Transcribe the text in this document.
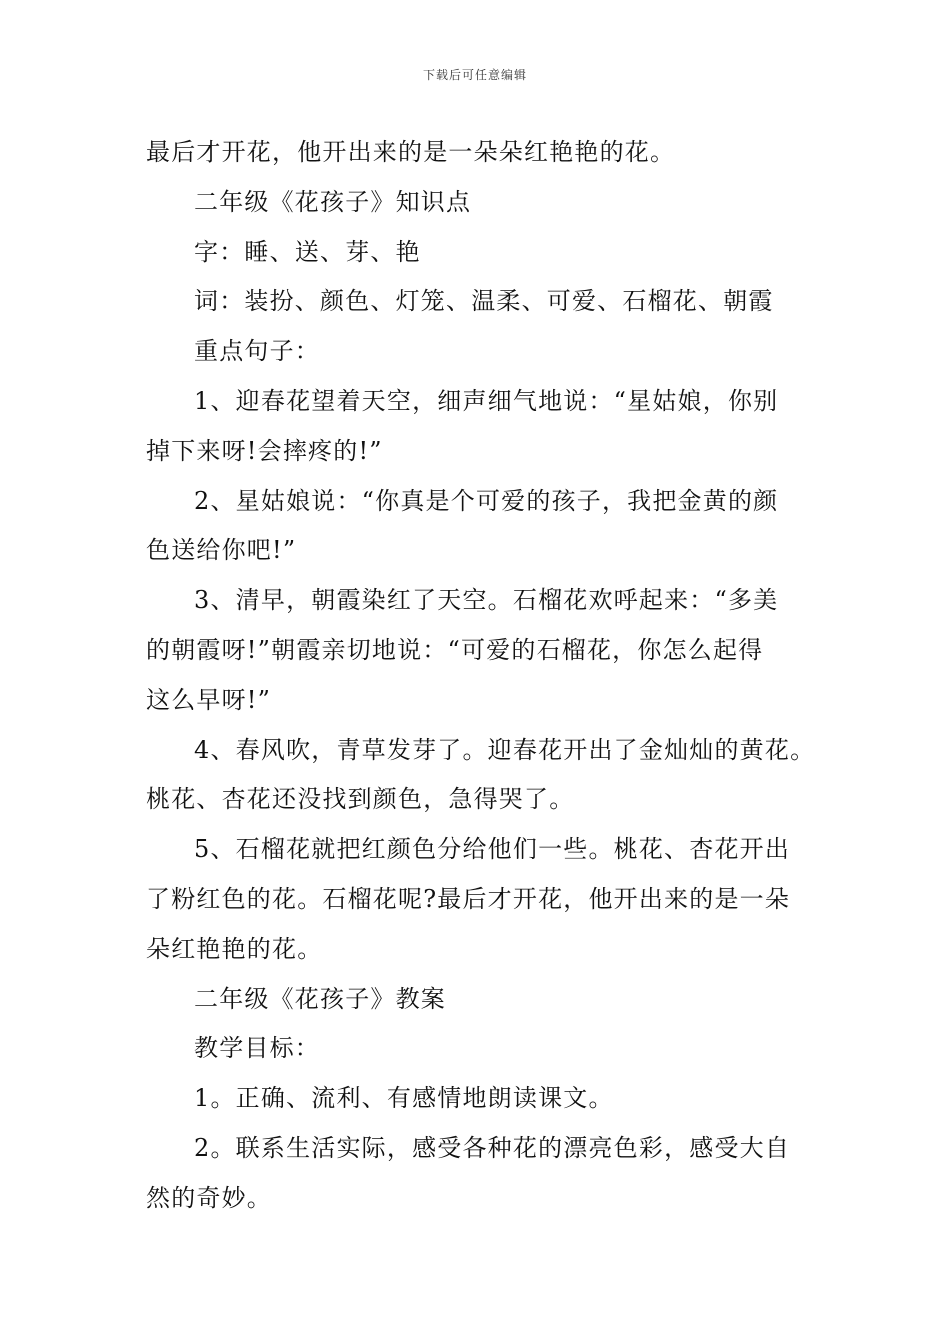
下载后可任意编辑

最后才开花，他开出来的是一朵朵红艳艳的花。

二年级《花孩子》知识点

字：睡、送、芽、艳

词：装扮、颜色、灯笼、温柔、可爱、石榴花、朝霞

重点句子：

1、迎春花望着天空，细声细气地说：“星姑娘，你别
掉下来呀!会摔疼的!”

2、星姑娘说：“你真是个可爱的孩子，我把金黄的颜
色送给你吧!”

3、清早，朝霞染红了天空。石榴花欢呼起来：“多美
的朝霞呀!”朝霞亲切地说：“可爱的石榴花，你怎么起得
这么早呀!”

4、春风吹，青草发芽了。迎春花开出了金灿灿的黄花。
桃花、杏花还没找到颜色，急得哭了。

5、石榴花就把红颜色分给他们一些。桃花、杏花开出
了粉红色的花。石榴花呢?最后才开花，他开出来的是一朵
朵红艳艳的花。

二年级《花孩子》教案

教学目标：

1。正确、流利、有感情地朗读课文。

2。联系生活实际，感受各种花的漂亮色彩，感受大自
然的奇妙。
